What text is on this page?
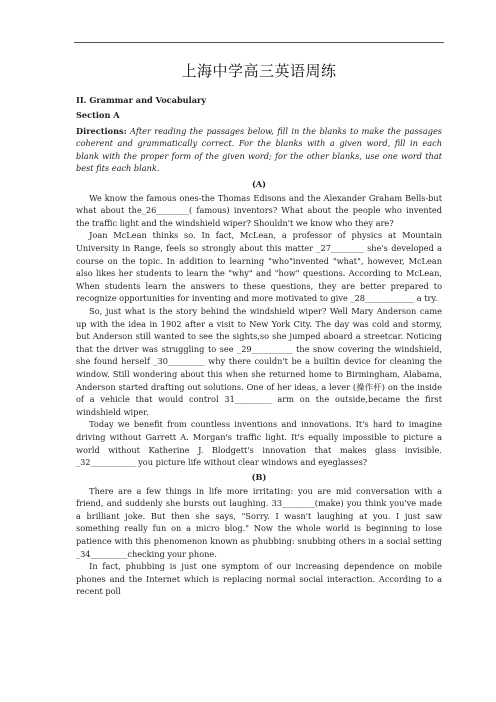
上海中学高三英语周练
II. Grammar and Vocabulary
Section A
Directions: After reading the passages below, fill in the blanks to make the passages coherent and grammatically correct. For the blanks with a given word, fill in each blank with the proper form of the given word; for the other blanks, use one word that best fits each blank.
(A)

We know the famous ones-the Thomas Edisons and the Alexander Graham Bells-but what about the_26________( famous) inventors? What about the people who invented the traffic light and the windshield wiper? Shouldn't we know who they are?

Joan McLean thinks so. In fact, McLean, a professor of physics at Mountain University in Range, feels so strongly about this matter _27________ she's developed a course on the topic. In addition to learning "who"invented "what", however, McLean also likes her students to learn the "why" and "how" questions. According to McLean, When students learn the answers to these questions, they are better prepared to recognize opportunities for inventing and more motivated to give _28____________ a try.

So, just what is the story behind the windshield wiper? Well Mary Anderson came up with the idea in 1902 after a visit to New York City. The day was cold and stormy, but Anderson still wanted to see the sights,so she jumped aboard a streetcar. Noticing that the driver was struggling to see _29__________ the snow covering the windshield, she found herself _30_________ why there couldn't be a builtin device for cleaning the window. Still wondering about this when she returned home to Birmingham, Alabama, Anderson started drafting out solutions. One of her ideas, a lever (操作杆) on the inside of a vehicle that would control 31_________ arm on the outside,became the first windshield wiper.

Today we benefit from countless inventions and innovations. It's hard to imagine driving without Garrett A. Morgan's traffic light. It's equally impossible to picture a world without Katherine J. Blodgett's innovation that makes glass invisible. _32___________ you picture life without clear windows and eyeglasses?

(B)

There are a few things in life more irritating: you are mid conversation with a friend, and suddenly she bursts out laughing. 33________(make) you think you've made a brilliant joke. But then she says, "Sorry. I wasn't laughing at you. I just saw something really fun on a micro blog." Now the whole world is beginning to lose patience with this phenomenon known as phubbing: snubbing others in a social setting _34_________checking your phone.

In fact, phubbing is just one symptom of our increasing dependence on mobile phones and the Internet which is replacing normal social interaction. According to a recent poll
